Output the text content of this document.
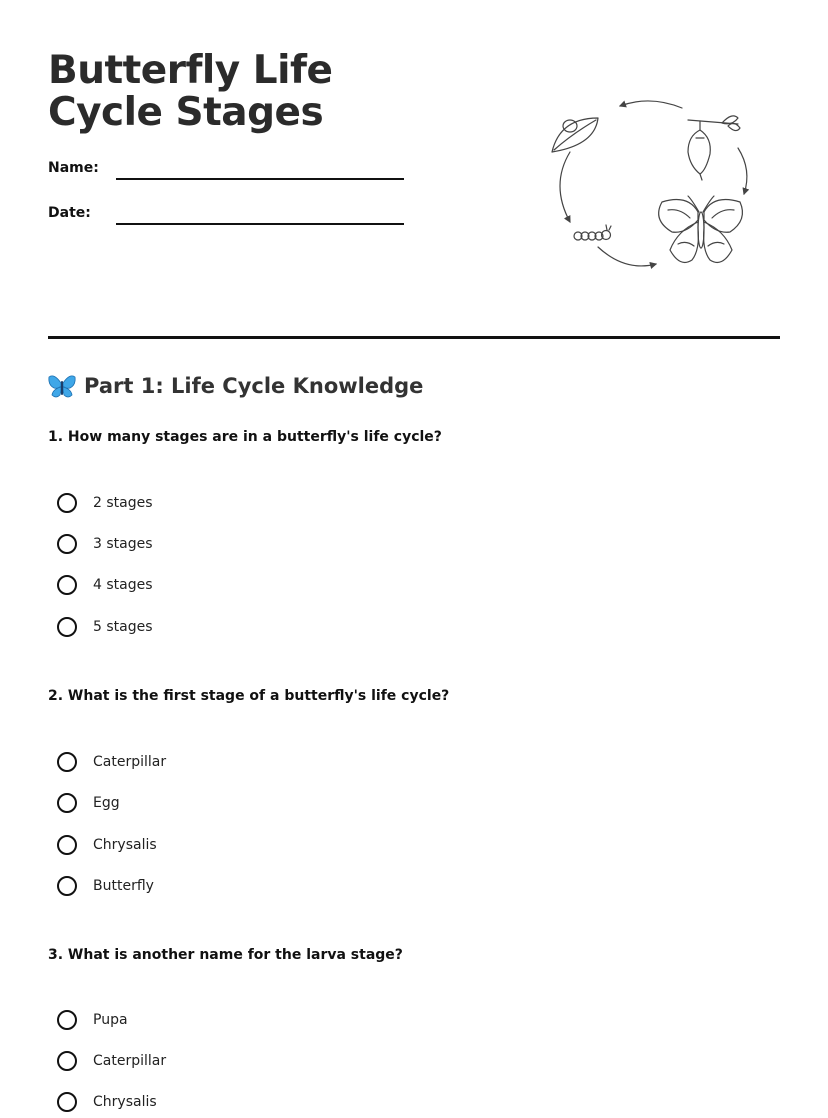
Butterfly Life Cycle Stages
Name:
Date:
Part 1: Life Cycle Knowledge

1. How many stages are in a butterfly's life cycle?

2 stages
3 stages
4 stages
5 stages

2. What is the first stage of a butterfly's life cycle?

Caterpillar
Egg
Chrysalis
Butterfly

3. What is another name for the larva stage?

Pupa
Caterpillar
Chrysalis
